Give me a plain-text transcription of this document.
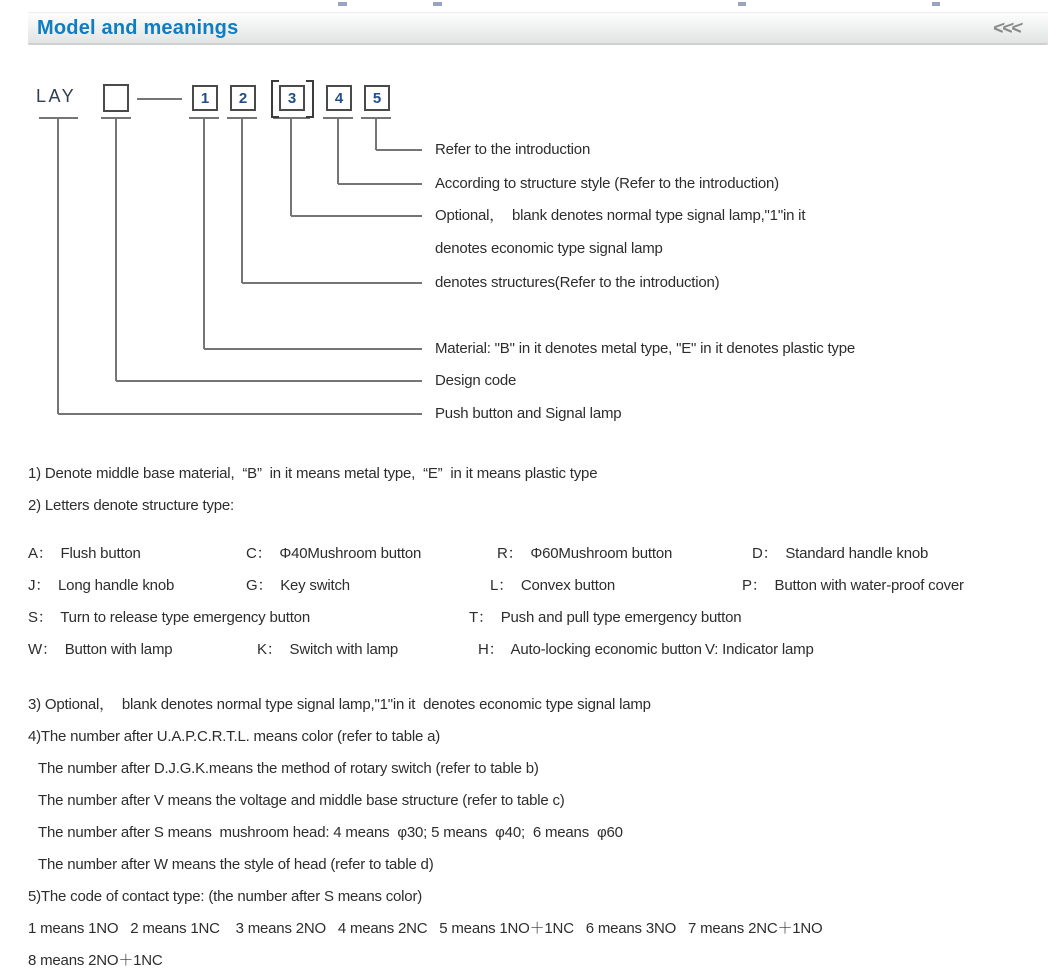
Model and meanings	<<<
LAY	1	2	3	4	5
Refer to the introduction
According to structure style (Refer to the introduction)
Optional，  blank denotes normal type signal lamp,"1"in it
denotes economic type signal lamp
denotes structures(Refer to the introduction)
Material: "B" in it denotes metal type, "E" in it denotes plastic type
Design code
Push button and Signal lamp
1) Denote middle base material,  “B”  in it means metal type,  “E”  in it means plastic type
2) Letters denote structure type:
A：  Flush button	C：  Φ40Mushroom button	R：  Φ60Mushroom button	D：  Standard handle knob
J：  Long handle knob	G：  Key switch	L：  Convex button	P：  Button with water-proof cover
S：  Turn to release type emergency button	T：  Push and pull type emergency button
W：  Button with lamp	K：  Switch with lamp	H：  Auto-locking economic button V: Indicator lamp
3) Optional，  blank denotes normal type signal lamp,"1"in it  denotes economic type signal lamp
4)The number after U.A.P.C.R.T.L. means color (refer to table a)
The number after D.J.G.K.means the method of rotary switch (refer to table b)
The number after V means the voltage and middle base structure (refer to table c)
The number after S means  mushroom head: 4 means  φ30; 5 means  φ40;  6 means  φ60
The number after W means the style of head (refer to table d)
5)The code of contact type: (the number after S means color)
1 means 1NO   2 means 1NC    3 means 2NO   4 means 2NC   5 means 1NO＋1NC   6 means 3NO   7 means 2NC＋1NO
8 means 2NO＋1NC
